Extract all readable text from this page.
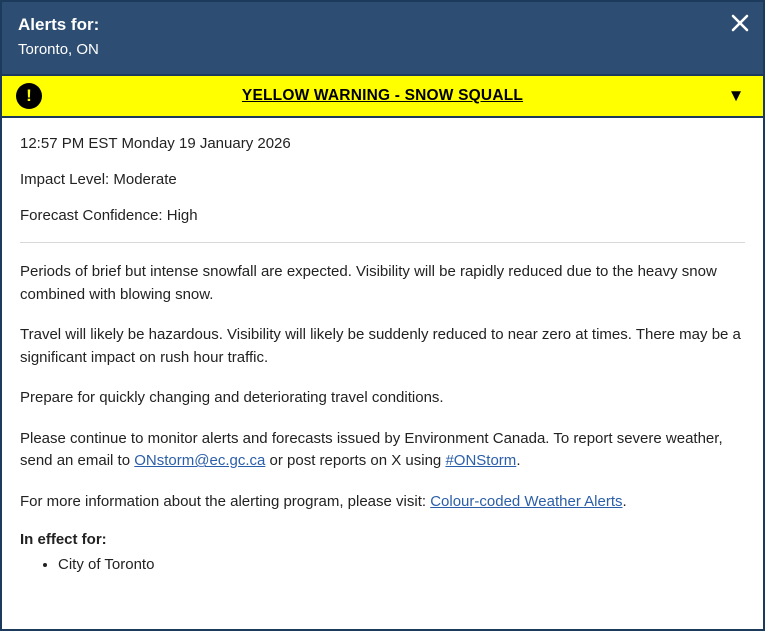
Alerts for:
Toronto, ON
!	YELLOW WARNING - SNOW SQUALL	▼

12:57 PM EST Monday 19 January 2026

Impact Level: Moderate

Forecast Confidence: High

Periods of brief but intense snowfall are expected. Visibility will be rapidly reduced due to the heavy snow combined with blowing snow.

Travel will likely be hazardous. Visibility will likely be suddenly reduced to near zero at times. There may be a significant impact on rush hour traffic.

Prepare for quickly changing and deteriorating travel conditions.

Please continue to monitor alerts and forecasts issued by Environment Canada. To report severe weather, send an email to ONstorm@ec.gc.ca or post reports on X using #ONStorm.

For more information about the alerting program, please visit: Colour-coded Weather Alerts.

In effect for:

• City of Toronto
